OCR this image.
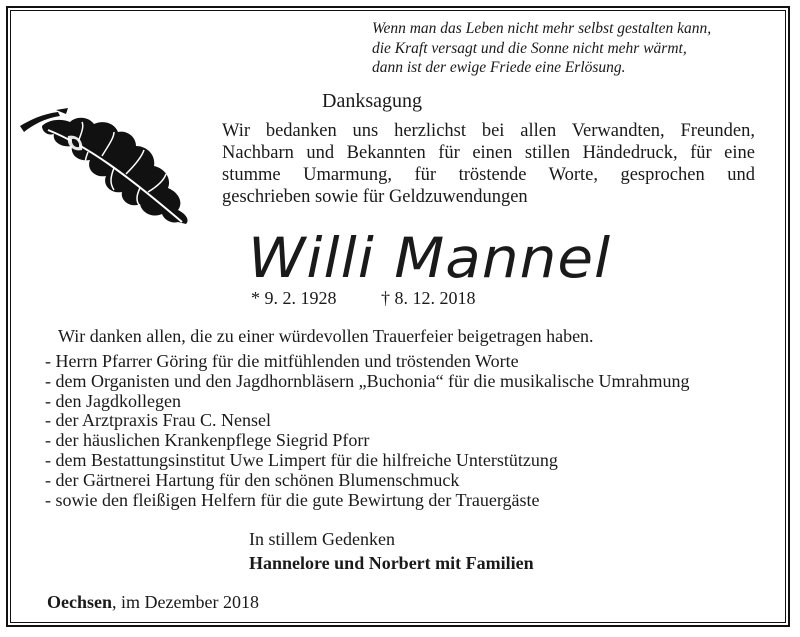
Wenn man das Leben nicht mehr selbst gestalten kann,
die Kraft versagt und die Sonne nicht mehr wärmt,
dann ist der ewige Friede eine Erlösung.
Danksagung
Wir bedanken uns herzlichst bei allen Verwandten, Freunden,
Nachbarn und Bekannten für einen stillen Händedruck, für eine
stumme Umarmung, für tröstende Worte, gesprochen und
geschrieben sowie für Geldzuwendungen
Willi Mannel
* 9. 2. 1928 † 8. 12. 2018
Wir danken allen, die zu einer würdevollen Trauerfeier beigetragen haben.
- Herrn Pfarrer Göring für die mitfühlenden und tröstenden Worte
- dem Organisten und den Jagdhornbläsern „Buchonia“ für die musikalische Umrahmung
- den Jagdkollegen
- der Arztpraxis Frau C. Nensel
- der häuslichen Krankenpflege Siegrid Pforr
- dem Bestattungsinstitut Uwe Limpert für die hilfreiche Unterstützung
- der Gärtnerei Hartung für den schönen Blumenschmuck
- sowie den fleißigen Helfern für die gute Bewirtung der Trauergäste
In stillem Gedenken
Hannelore und Norbert mit Familien
Oechsen, im Dezember 2018
